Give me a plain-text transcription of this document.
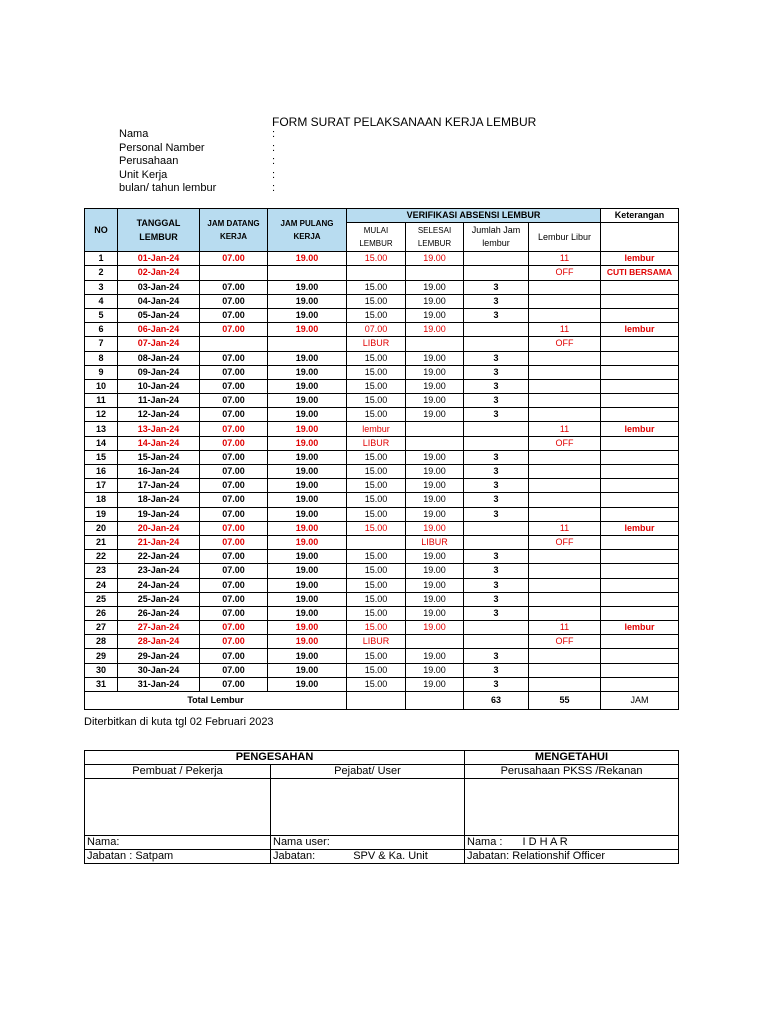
FORM SURAT PELAKSANAAN KERJA LEMBUR
Nama	:
Personal Namber	:
Perusahaan	:
Unit Kerja	:
bulan/ tahun lembur	:
NO	TANGGAL LEMBUR	JAM DATANG KERJA	JAM PULANG KERJA	VERIFIKASI ABSENSI LEMBUR				Keterangan
				MULAI LEMBUR	SELESAI LEMBUR	Jumlah Jam lembur	Lembur Libur	
1	01-Jan-24	07.00	19.00	15.00	19.00		11	lembur
2	02-Jan-24						OFF	CUTI BERSAMA
3	03-Jan-24	07.00	19.00	15.00	19.00	3		
4	04-Jan-24	07.00	19.00	15.00	19.00	3		
5	05-Jan-24	07.00	19.00	15.00	19.00	3		
6	06-Jan-24	07.00	19.00	07.00	19.00		11	lembur
7	07-Jan-24			LIBUR			OFF	
8	08-Jan-24	07.00	19.00	15.00	19.00	3		
9	09-Jan-24	07.00	19.00	15.00	19.00	3		
10	10-Jan-24	07.00	19.00	15.00	19.00	3		
11	11-Jan-24	07.00	19.00	15.00	19.00	3		
12	12-Jan-24	07.00	19.00	15.00	19.00	3		
13	13-Jan-24	07.00	19.00	lembur			11	lembur
14	14-Jan-24	07.00	19.00	LIBUR			OFF	
15	15-Jan-24	07.00	19.00	15.00	19.00	3		
16	16-Jan-24	07.00	19.00	15.00	19.00	3		
17	17-Jan-24	07.00	19.00	15.00	19.00	3		
18	18-Jan-24	07.00	19.00	15.00	19.00	3		
19	19-Jan-24	07.00	19.00	15.00	19.00	3		
20	20-Jan-24	07.00	19.00	15.00	19.00		11	lembur
21	21-Jan-24	07.00	19.00		LIBUR		OFF	
22	22-Jan-24	07.00	19.00	15.00	19.00	3		
23	23-Jan-24	07.00	19.00	15.00	19.00	3		
24	24-Jan-24	07.00	19.00	15.00	19.00	3		
25	25-Jan-24	07.00	19.00	15.00	19.00	3		
26	26-Jan-24	07.00	19.00	15.00	19.00	3		
27	27-Jan-24	07.00	19.00	15.00	19.00		11	lembur
28	28-Jan-24	07.00	19.00	LIBUR			OFF	
29	29-Jan-24	07.00	19.00	15.00	19.00	3		
30	30-Jan-24	07.00	19.00	15.00	19.00	3		
31	31-Jan-24	07.00	19.00	15.00	19.00	3		
Total Lembur						63	55	JAM
Diterbitkan di kuta tgl 02 Februari 2023
PENGESAHAN		MENGETAHUI
Pembuat / Pekerja	Pejabat/ User	Perusahaan PKSS /Rekanan

Nama:	Nama user:	Nama : I D H A R
Jabatan : Satpam	Jabatan: SPV & Ka. Unit	Jabatan: Relationshif Officer
